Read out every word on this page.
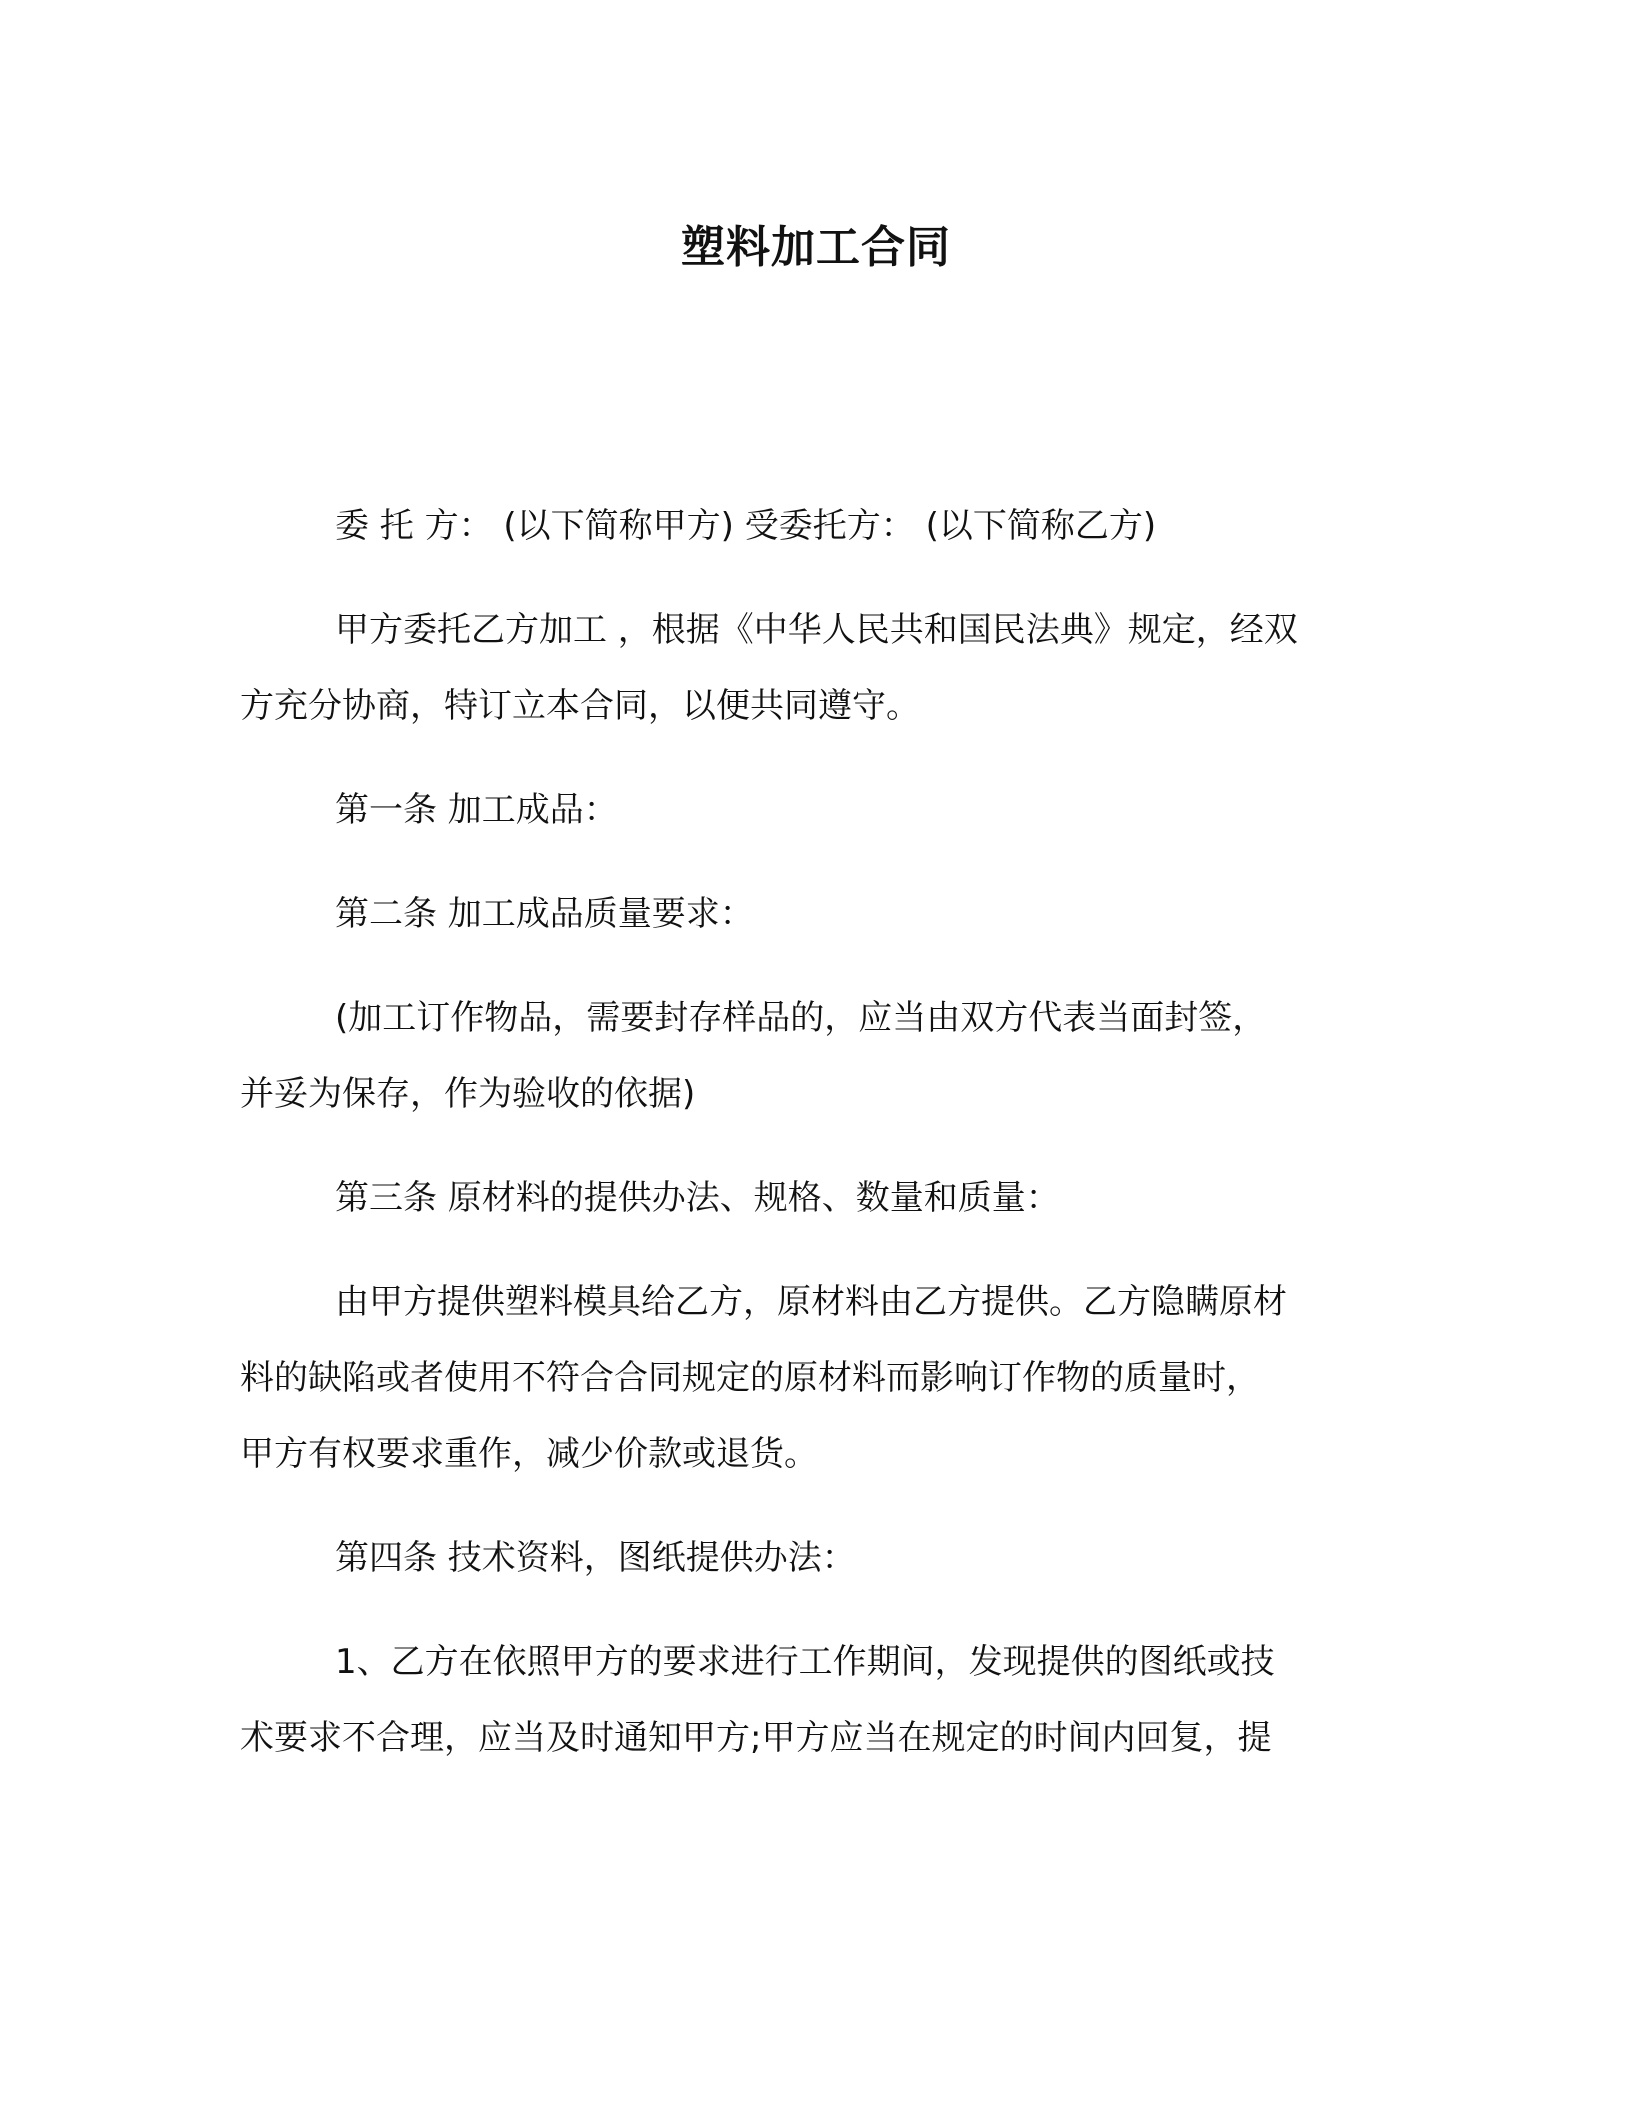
塑料加工合同
委 托 方： (以下简称甲方) 受委托方： (以下简称乙方)
甲方委托乙方加工 ，根据《中华人民共和国民法典》规定，经双
方充分协商，特订立本合同，以便共同遵守。
第一条 加工成品：
第二条 加工成品质量要求：
(加工订作物品，需要封存样品的，应当由双方代表当面封签，
并妥为保存，作为验收的依据)
第三条 原材料的提供办法、规格、数量和质量：
由甲方提供塑料模具给乙方，原材料由乙方提供。乙方隐瞒原材
料的缺陷或者使用不符合合同规定的原材料而影响订作物的质量时，
甲方有权要求重作，减少价款或退货。
第四条 技术资料，图纸提供办法：
1、乙方在依照甲方的要求进行工作期间，发现提供的图纸或技
术要求不合理，应当及时通知甲方;甲方应当在规定的时间内回复，提
